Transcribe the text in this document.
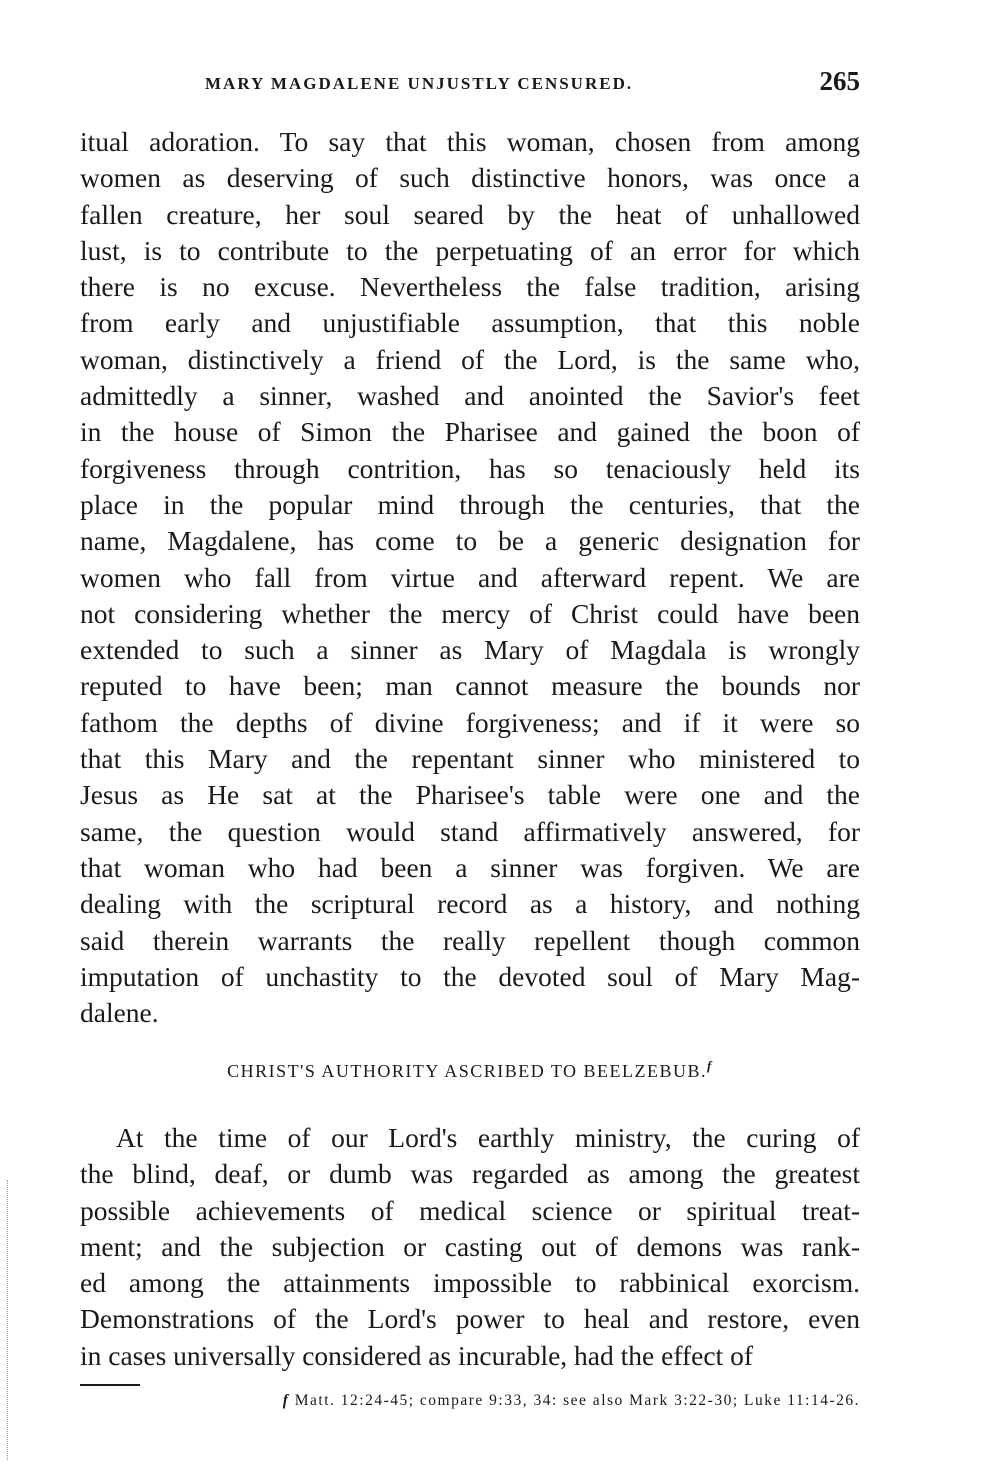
MARY MAGDALENE UNJUSTLY CENSURED.	265
itual adoration. To say that this woman, chosen from among
women as deserving of such distinctive honors, was once a
fallen creature, her soul seared by the heat of unhallowed
lust, is to contribute to the perpetuating of an error for which
there is no excuse. Nevertheless the false tradition, arising
from early and unjustifiable assumption, that this noble
woman, distinctively a friend of the Lord, is the same who,
admittedly a sinner, washed and anointed the Savior's feet
in the house of Simon the Pharisee and gained the boon of
forgiveness through contrition, has so tenaciously held its
place in the popular mind through the centuries, that the
name, Magdalene, has come to be a generic designation for
women who fall from virtue and afterward repent. We are
not considering whether the mercy of Christ could have been
extended to such a sinner as Mary of Magdala is wrongly
reputed to have been; man cannot measure the bounds nor
fathom the depths of divine forgiveness; and if it were so
that this Mary and the repentant sinner who ministered to
Jesus as He sat at the Pharisee's table were one and the
same, the question would stand affirmatively answered, for
that woman who had been a sinner was forgiven. We are
dealing with the scriptural record as a history, and nothing
said therein warrants the really repellent though common
imputation of unchastity to the devoted soul of Mary Mag-
dalene.
CHRIST'S AUTHORITY ASCRIBED TO BEELZEBUB.$^f$
At the time of our Lord's earthly ministry, the curing of
the blind, deaf, or dumb was regarded as among the greatest
possible achievements of medical science or spiritual treat-
ment; and the subjection or casting out of demons was rank-
ed among the attainments impossible to rabbinical exorcism.
Demonstrations of the Lord's power to heal and restore, even
in cases universally considered as incurable, had the effect of
f Matt. 12:24-45; compare 9:33, 34: see also Mark 3:22-30; Luke 11:14-26.
